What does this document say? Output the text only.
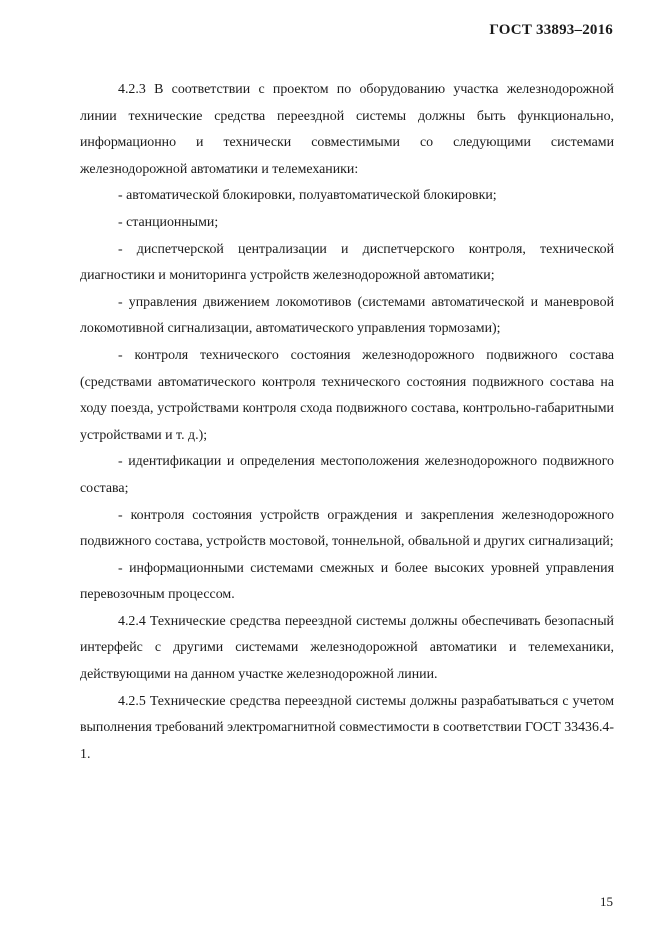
ГОСТ 33893–2016

4.2.3 В соответствии с проектом по оборудованию участка железнодорожной линии технические средства переездной системы должны быть функционально, информационно и технически совместимыми со следующими системами железнодорожной автоматики и телемеханики:

- автоматической блокировки, полуавтоматической блокировки;

- станционными;

- диспетчерской централизации и диспетчерского контроля, технической диагностики и мониторинга устройств железнодорожной автоматики;

- управления движением локомотивов (системами автоматической и маневровой локомотивной сигнализации, автоматического управления тормозами);

- контроля технического состояния железнодорожного подвижного состава (средствами автоматического контроля технического состояния подвижного состава на ходу поезда, устройствами контроля схода подвижного состава, контрольно-габаритными устройствами и т. д.);

- идентификации и определения местоположения железнодорожного подвижного состава;

- контроля состояния устройств ограждения и закрепления железнодорожного подвижного состава, устройств мостовой, тоннельной, обвальной и других сигнализаций;

- информационными системами смежных и более высоких уровней управления перевозочным процессом.

4.2.4 Технические средства переездной системы должны обеспечивать безопасный интерфейс с другими системами железнодорожной автоматики и телемеханики, действующими на данном участке железнодорожной линии.

4.2.5 Технические средства переездной системы должны разрабатываться с учетом выполнения требований электромагнитной совместимости в соответствии ГОСТ 33436.4-1.

15
